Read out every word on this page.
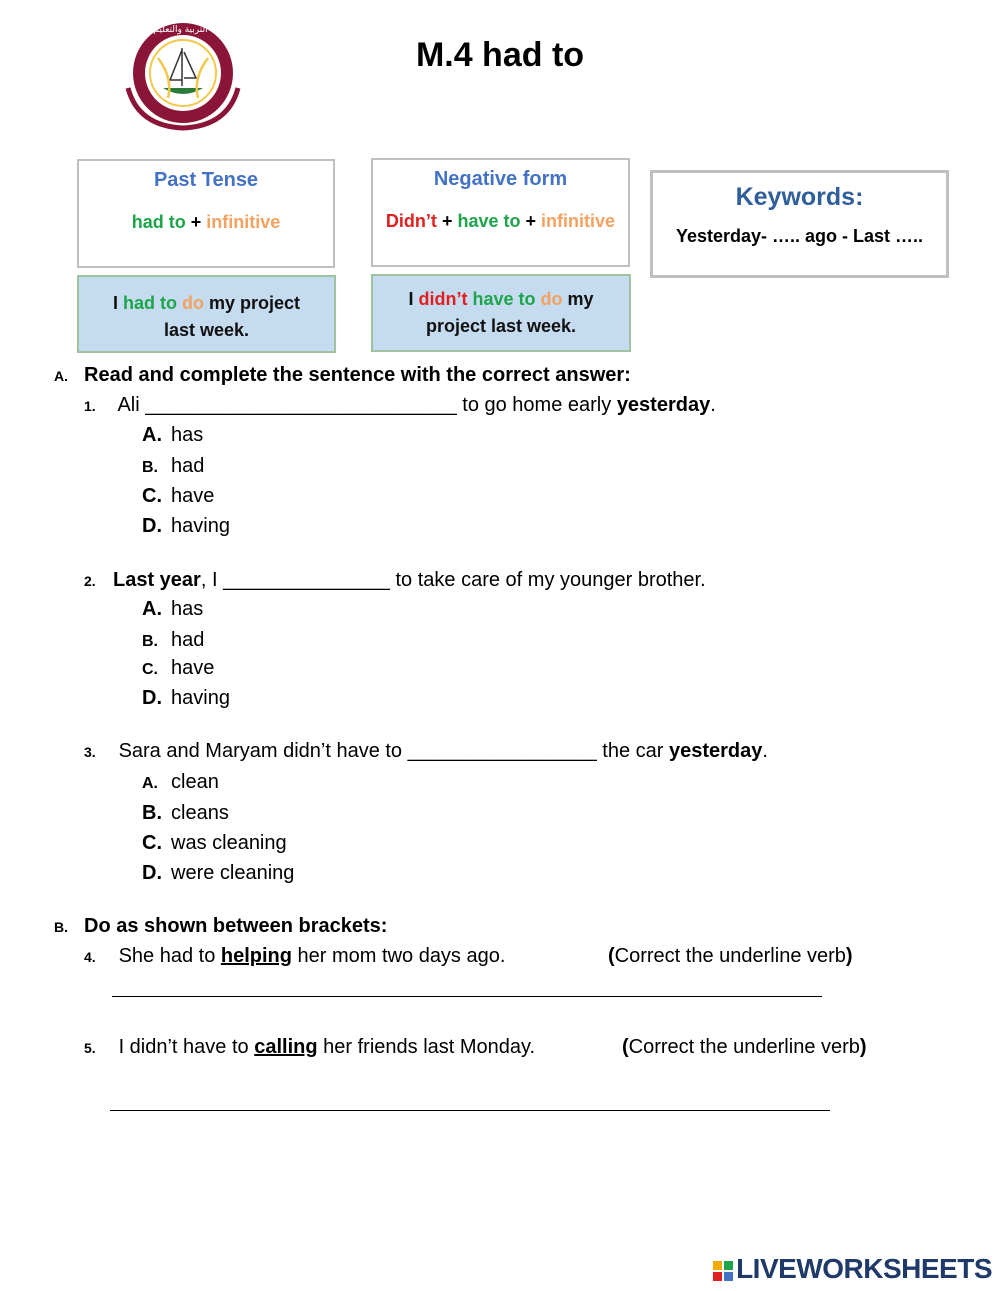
دولة قطر وزارة التربية والتعليم والتعليم العالي
M.4 had to
Past Tense
had to + infinitive
Negative form
Didn’t + have to + infinitive
Keywords:
Yesterday- ….. ago - Last …..
I had to do my project
last week.
I didn’t have to do my
project last week.
A. Read and complete the sentence with the correct answer:
1. Ali ____________________________ to go home early yesterday.
A. has
B. had
C. have
D. having
2. Last year, I _______________ to take care of my younger brother.
A. has
B. had
C. have
D. having
3. Sara and Maryam didn’t have to _________________ the car yesterday.
A. clean
B. cleans
C. was cleaning
D. were cleaning
B. Do as shown between brackets:
4. She had to helping her mom two days ago.	(Correct the underline verb)
5. I didn’t have to calling her friends last Monday.	(Correct the underline verb)

LIVEWORKSHEETS
